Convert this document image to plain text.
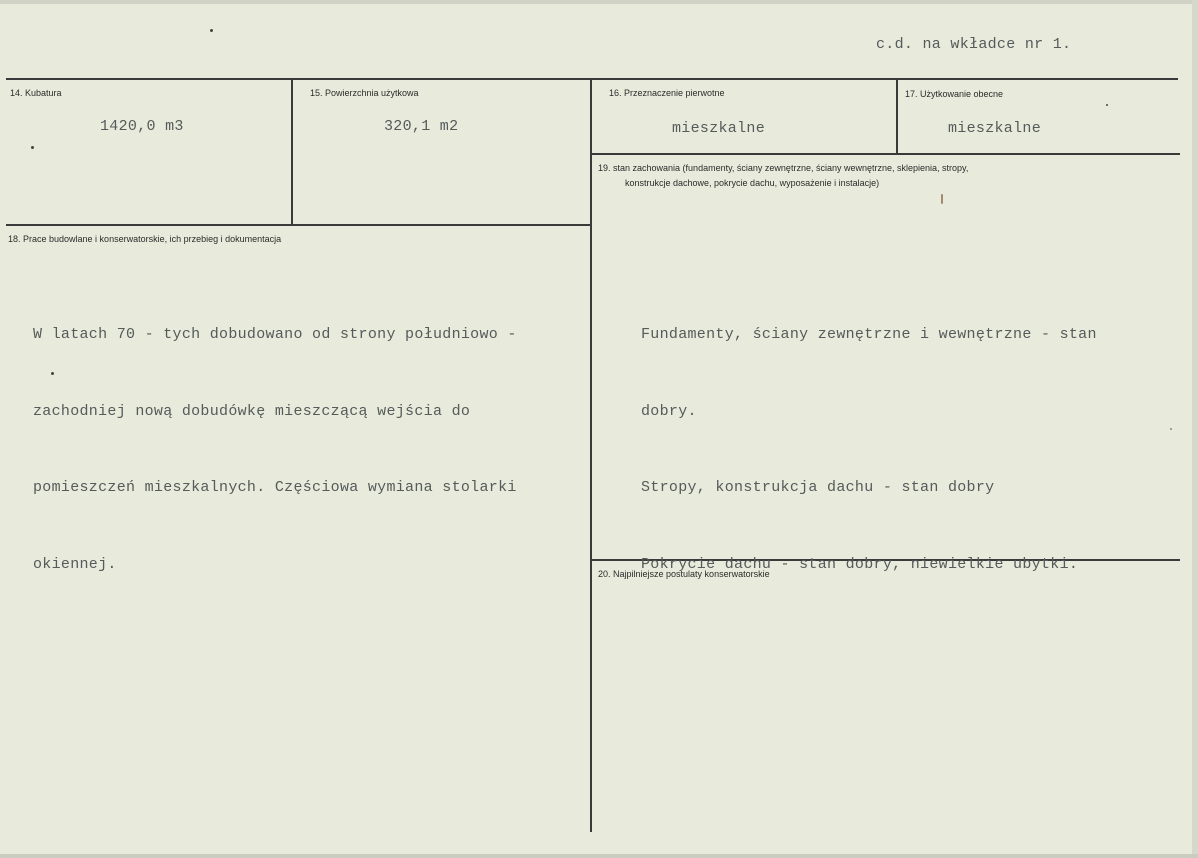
c.d. na wkładce nr 1.
14. Kubatura
1420,0 m3
15. Powierzchnia użytkowa
320,1 m2
16. Przeznaczenie pierwotne
mieszkalne
17. Użytkowanie obecne
mieszkalne
19. stan zachowania (fundamenty, ściany zewnętrzne, ściany wewnętrzne, sklepienia, stropy,
konstrukcje dachowe, pokrycie dachu, wyposażenie i instalacje)

Fundamenty, ściany zewnętrzne i wewnętrzne - stan

dobry.

Stropy, konstrukcja dachu - stan dobry

Pokrycie dachu - stan dobry, niewielkie ubytki.

18. Prace budowlane i konserwatorskie, ich przebieg i dokumentacja

W latach 70 - tych dobudowano od strony południowo -

zachodniej nową dobudówkę mieszczącą wejścia do

pomieszczeń mieszkalnych. Częściowa wymiana stolarki

okiennej.

20. Najpilniejsze postulaty konserwatorskie
